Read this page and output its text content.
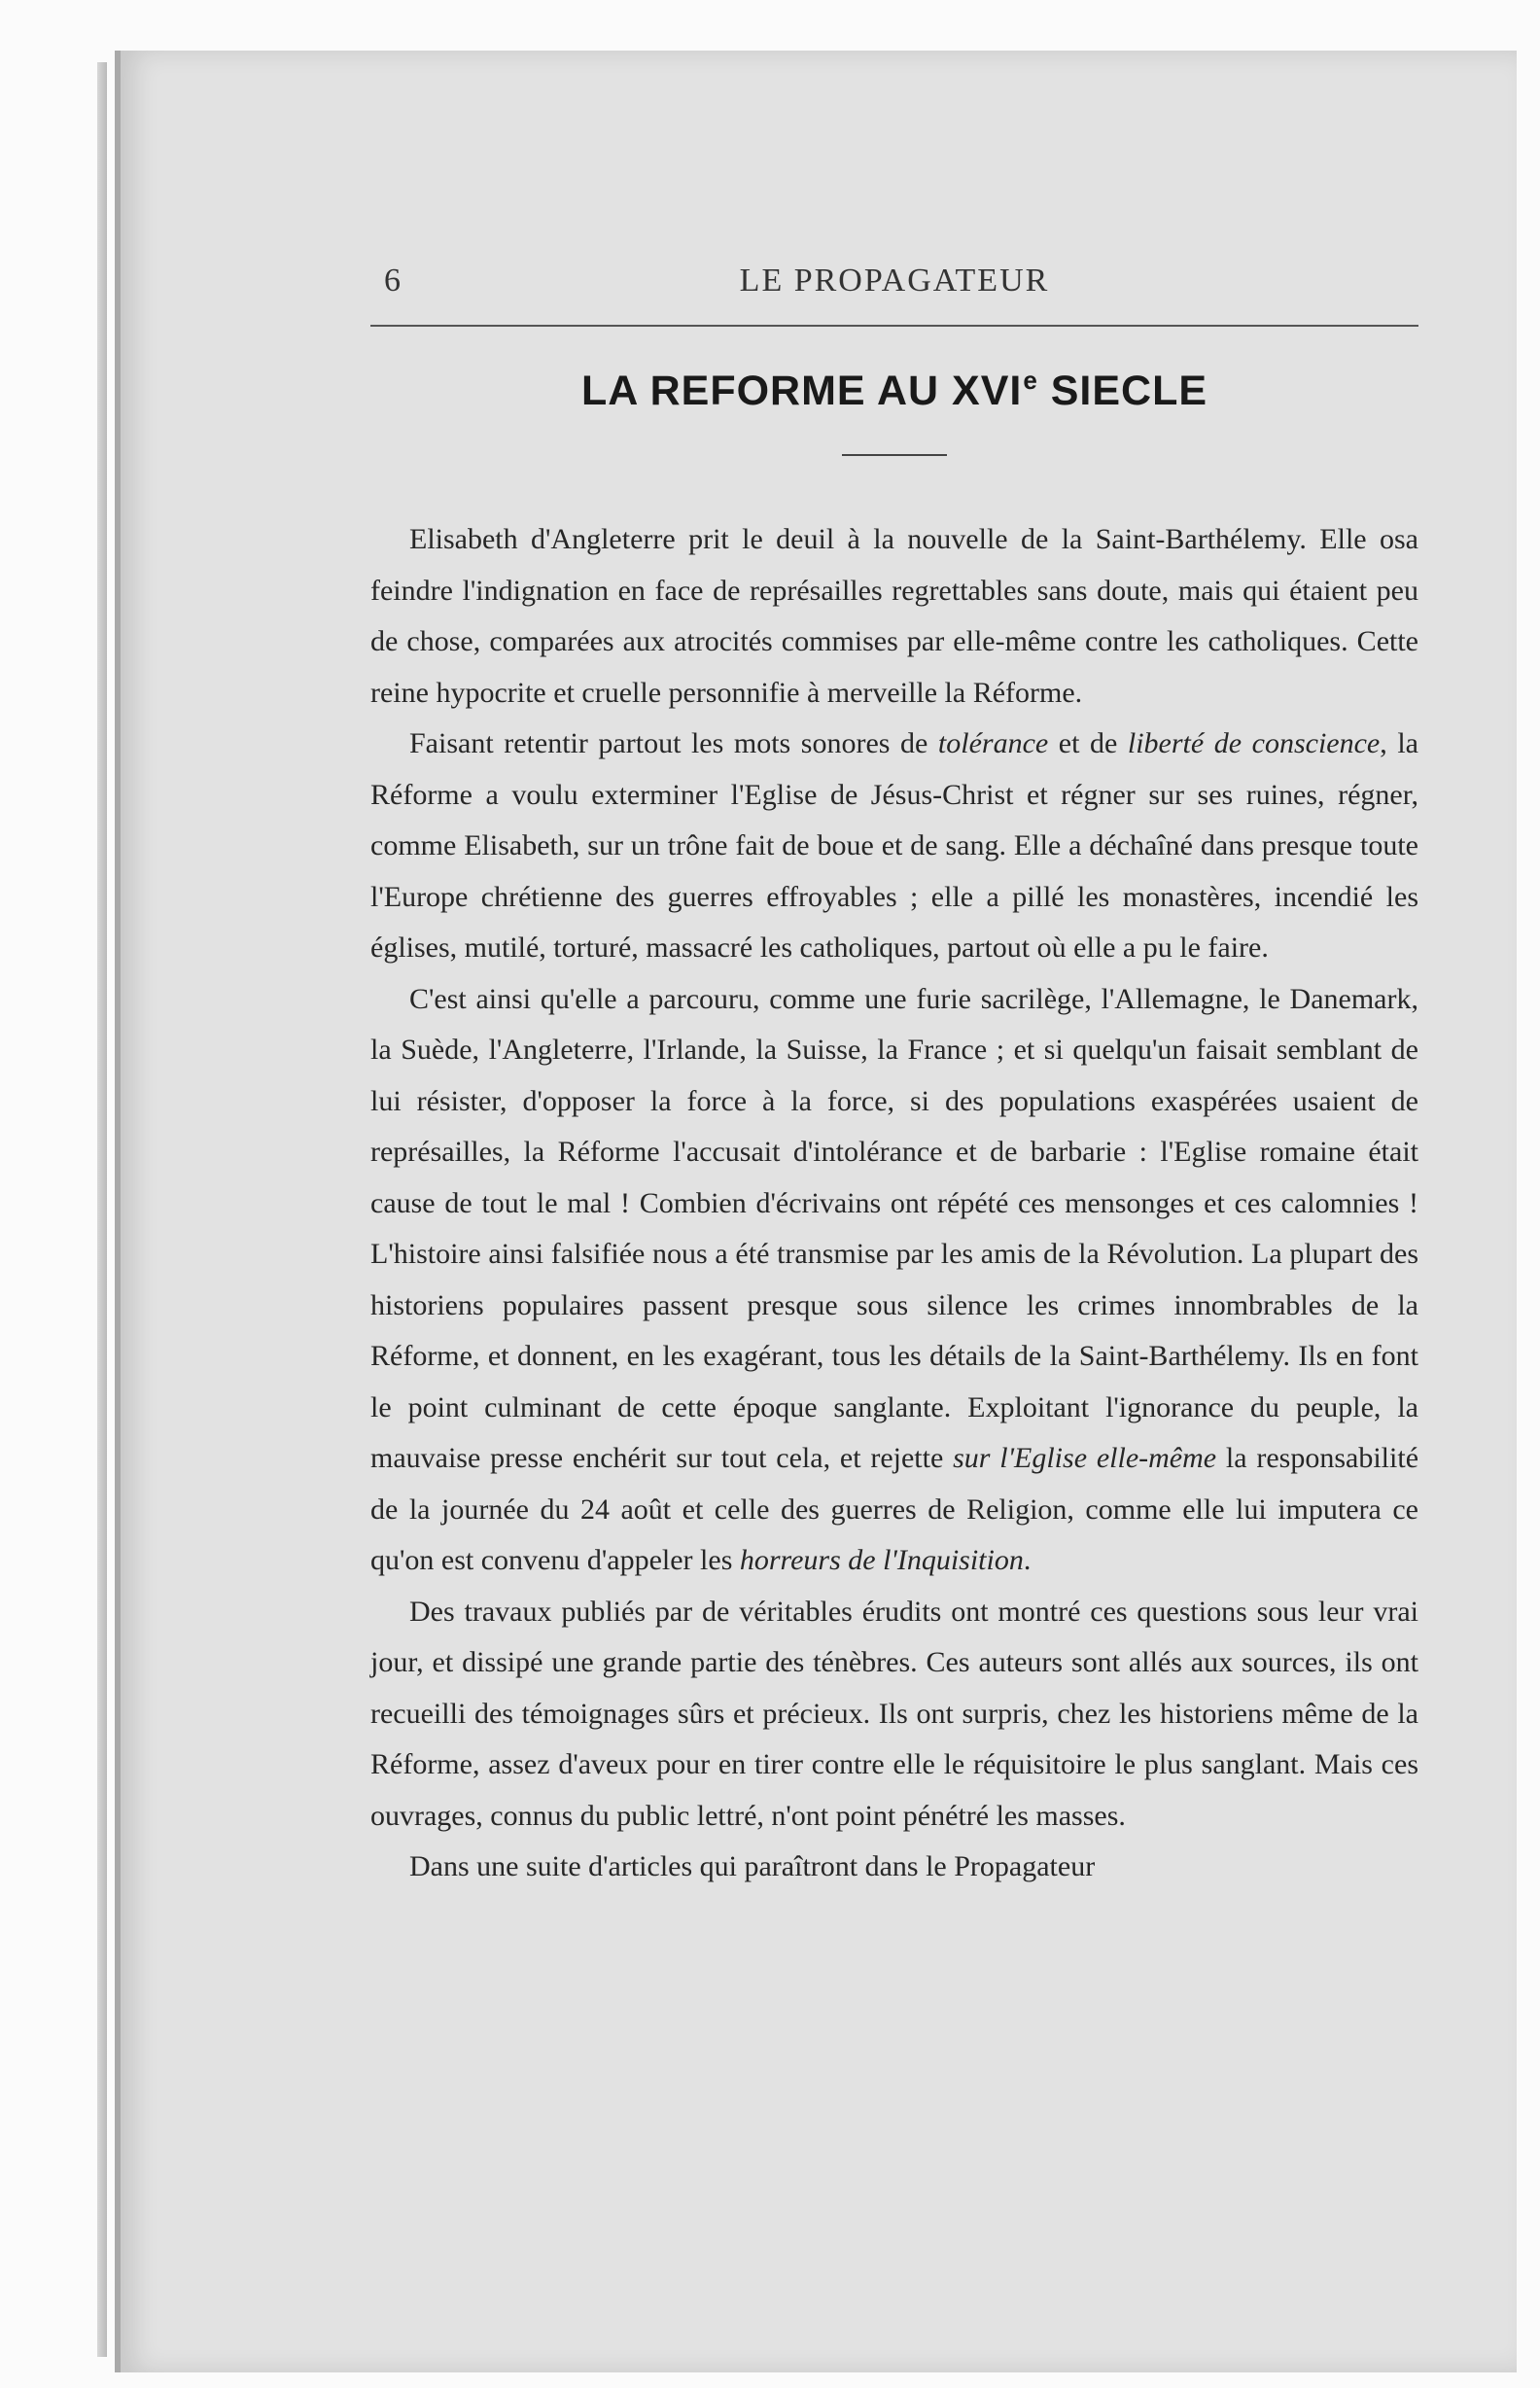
6	LE PROPAGATEUR
LA REFORME AU XVIe SIECLE

Elisabeth d'Angleterre prit le deuil à la nouvelle de la Saint-Barthélemy. Elle osa feindre l'indignation en face de représailles regrettables sans doute, mais qui étaient peu de chose, comparées aux atrocités commises par elle-même contre les catholiques. Cette reine hypocrite et cruelle personnifie à merveille la Réforme.

Faisant retentir partout les mots sonores de tolérance et de liberté de conscience, la Réforme a voulu exterminer l'Eglise de Jésus-Christ et régner sur ses ruines, régner, comme Elisabeth, sur un trône fait de boue et de sang. Elle a déchaîné dans presque toute l'Europe chrétienne des guerres effroyables ; elle a pillé les monastères, incendié les églises, mutilé, torturé, massacré les catholiques, partout où elle a pu le faire.

C'est ainsi qu'elle a parcouru, comme une furie sacrilège, l'Allemagne, le Danemark, la Suède, l'Angleterre, l'Irlande, la Suisse, la France ; et si quelqu'un faisait semblant de lui résister, d'opposer la force à la force, si des populations exaspérées usaient de représailles, la Réforme l'accusait d'intolérance et de barbarie : l'Eglise romaine était cause de tout le mal ! Combien d'écrivains ont répété ces mensonges et ces calomnies ! L'histoire ainsi falsifiée nous a été transmise par les amis de la Révolution. La plupart des historiens populaires passent presque sous silence les crimes innombrables de la Réforme, et donnent, en les exagérant, tous les détails de la Saint-Barthélemy. Ils en font le point culminant de cette époque sanglante. Exploitant l'ignorance du peuple, la mauvaise presse enchérit sur tout cela, et rejette sur l'Eglise elle-même la responsabilité de la journée du 24 août et celle des guerres de Religion, comme elle lui imputera ce qu'on est convenu d'appeler les horreurs de l'Inquisition.

Des travaux publiés par de véritables érudits ont montré ces questions sous leur vrai jour, et dissipé une grande partie des ténèbres. Ces auteurs sont allés aux sources, ils ont recueilli des témoignages sûrs et précieux. Ils ont surpris, chez les historiens même de la Réforme, assez d'aveux pour en tirer contre elle le réquisitoire le plus sanglant. Mais ces ouvrages, connus du public lettré, n'ont point pénétré les masses.

Dans une suite d'articles qui paraîtront dans le Propagateur
